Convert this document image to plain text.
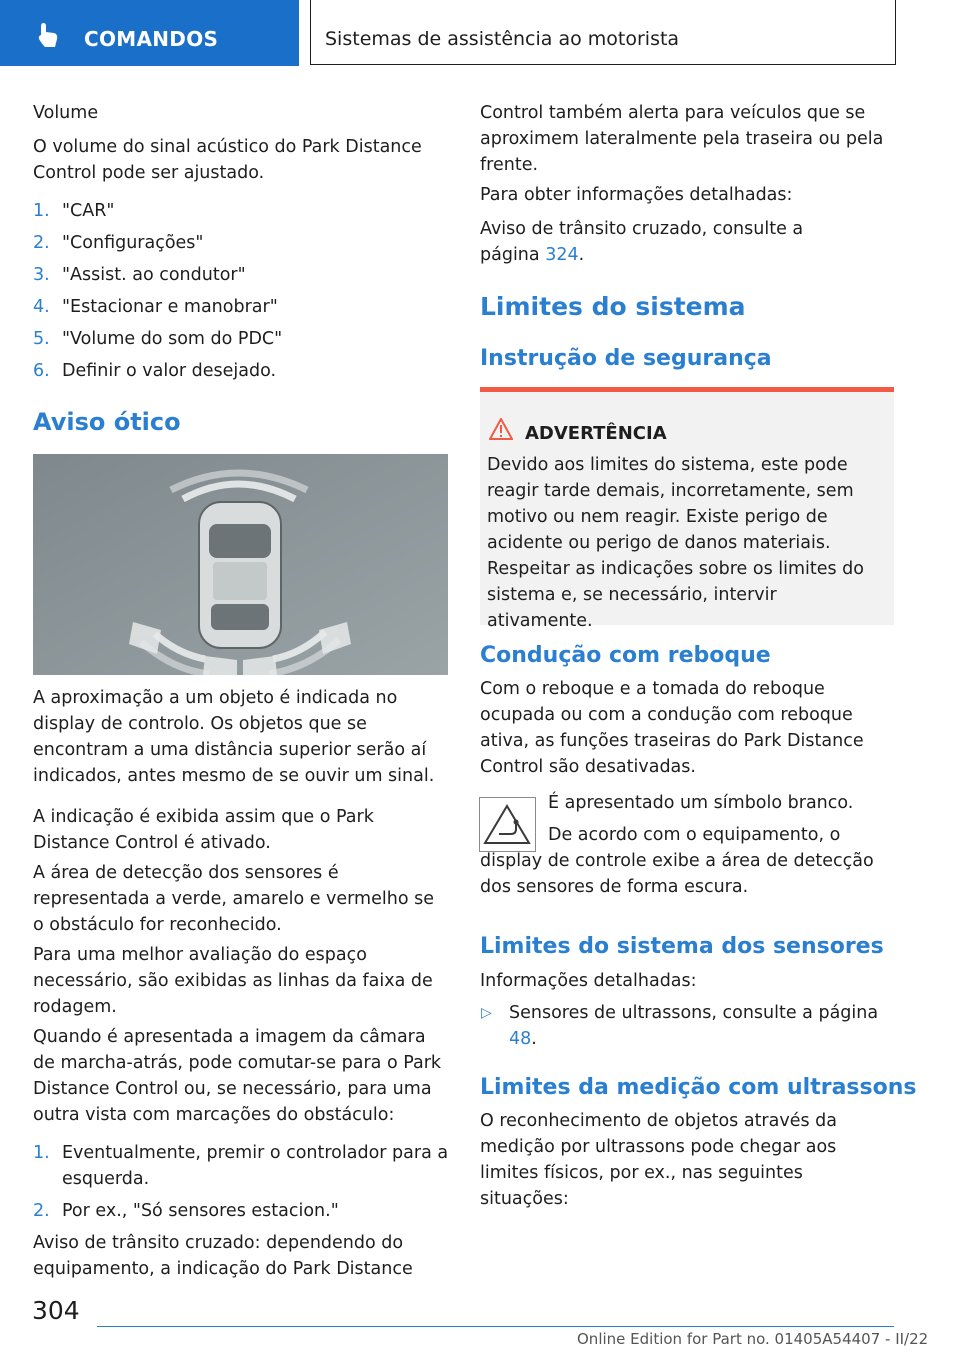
COMANDOS	Sistemas de assistência ao motorista

Volume

O volume do sinal acústico do Park Distance Control pode ser ajustado.

1. "CAR"
2. "Configurações"
3. "Assist. ao condutor"
4. "Estacionar e manobrar"
5. "Volume do som do PDC"
6. Definir o valor desejado.
Aviso ótico

A aproximação a um objeto é indicada no display de controlo. Os objetos que se encontram a uma distância superior serão aí indicados, antes mesmo de se ouvir um sinal.

A indicação é exibida assim que o Park Distance Control é ativado.

A área de detecção dos sensores é representada a verde, amarelo e vermelho se o obstáculo for reconhecido.

Para uma melhor avaliação do espaço necessário, são exibidas as linhas da faixa de rodagem.

Quando é apresentada a imagem da câmara de marcha-atrás, pode comutar-se para o Park Distance Control ou, se necessário, para uma outra vista com marcações do obstáculo:

1. Eventualmente, premir o controlador para a esquerda.
2. Por ex., "Só sensores estacion."

Aviso de trânsito cruzado: dependendo do equipamento, a indicação do Park Distance

Control também alerta para veículos que se aproximem lateralmente pela traseira ou pela frente.

Para obter informações detalhadas:

Aviso de trânsito cruzado, consulte a página 324.

Limites do sistema
Instrução de segurança
ADVERTÊNCIA
Devido aos limites do sistema, este pode reagir tarde demais, incorretamente, sem motivo ou nem reagir. Existe perigo de acidente ou perigo de danos materiais. Respeitar as indicações sobre os limites do sistema e, se necessário, intervir ativamente.
Condução com reboque

Com o reboque e a tomada do reboque ocupada ou com a condução com reboque ativa, as funções traseiras do Park Distance Control são desativadas.

É apresentado um símbolo branco.

De acordo com o equipamento, o display de controle exibe a área de detecção dos sensores de forma escura.

Limites do sistema dos sensores

Informações detalhadas:

▷ Sensores de ultrassons, consulte a página 48.

Limites da medição com ultrassons

O reconhecimento de objetos através da medição por ultrassons pode chegar aos limites físicos, por ex., nas seguintes situações:

304
Online Edition for Part no. 01405A54407 - II/22
